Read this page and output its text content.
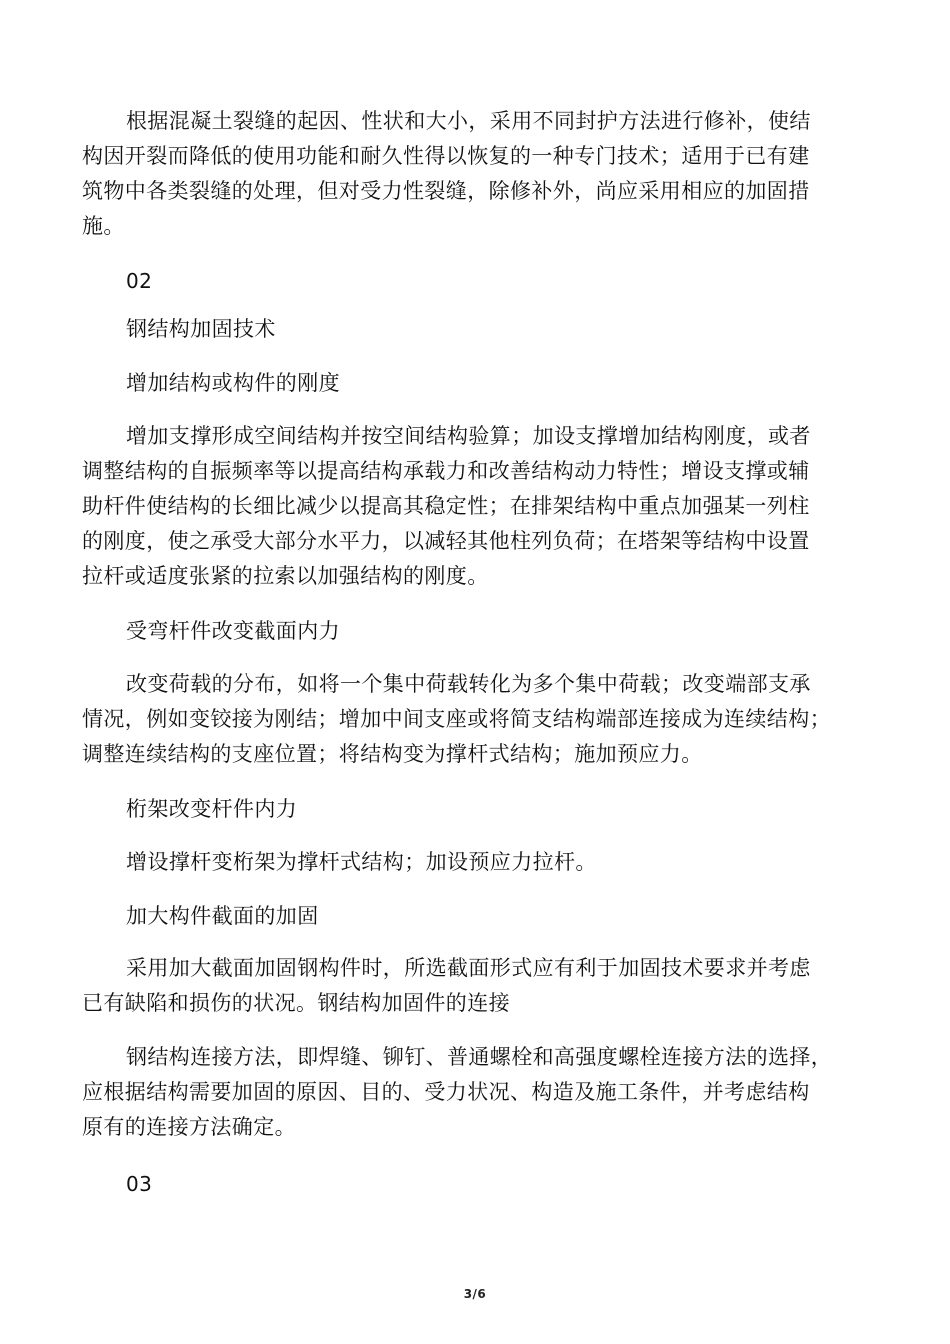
根据混凝土裂缝的起因、性状和大小，采用不同封护方法进行修补，使结
构因开裂而降低的使用功能和耐久性得以恢复的一种专门技术；适用于已有建
筑物中各类裂缝的处理，但对受力性裂缝，除修补外，尚应采用相应的加固措
施。

02

钢结构加固技术

增加结构或构件的刚度

增加支撑形成空间结构并按空间结构验算；加设支撑增加结构刚度，或者
调整结构的自振频率等以提高结构承载力和改善结构动力特性；增设支撑或辅
助杆件使结构的长细比减少以提高其稳定性；在排架结构中重点加强某一列柱
的刚度，使之承受大部分水平力，以减轻其他柱列负荷；在塔架等结构中设置
拉杆或适度张紧的拉索以加强结构的刚度。

受弯杆件改变截面内力

改变荷载的分布，如将一个集中荷载转化为多个集中荷载；改变端部支承
情况，例如变铰接为刚结；增加中间支座或将简支结构端部连接成为连续结构；
调整连续结构的支座位置；将结构变为撑杆式结构；施加预应力。

桁架改变杆件内力

增设撑杆变桁架为撑杆式结构；加设预应力拉杆。

加大构件截面的加固

采用加大截面加固钢构件时，所选截面形式应有利于加固技术要求并考虑
已有缺陷和损伤的状况。钢结构加固件的连接

钢结构连接方法，即焊缝、铆钉、普通螺栓和高强度螺栓连接方法的选择，
应根据结构需要加固的原因、目的、受力状况、构造及施工条件，并考虑结构
原有的连接方法确定。

03

3/6
